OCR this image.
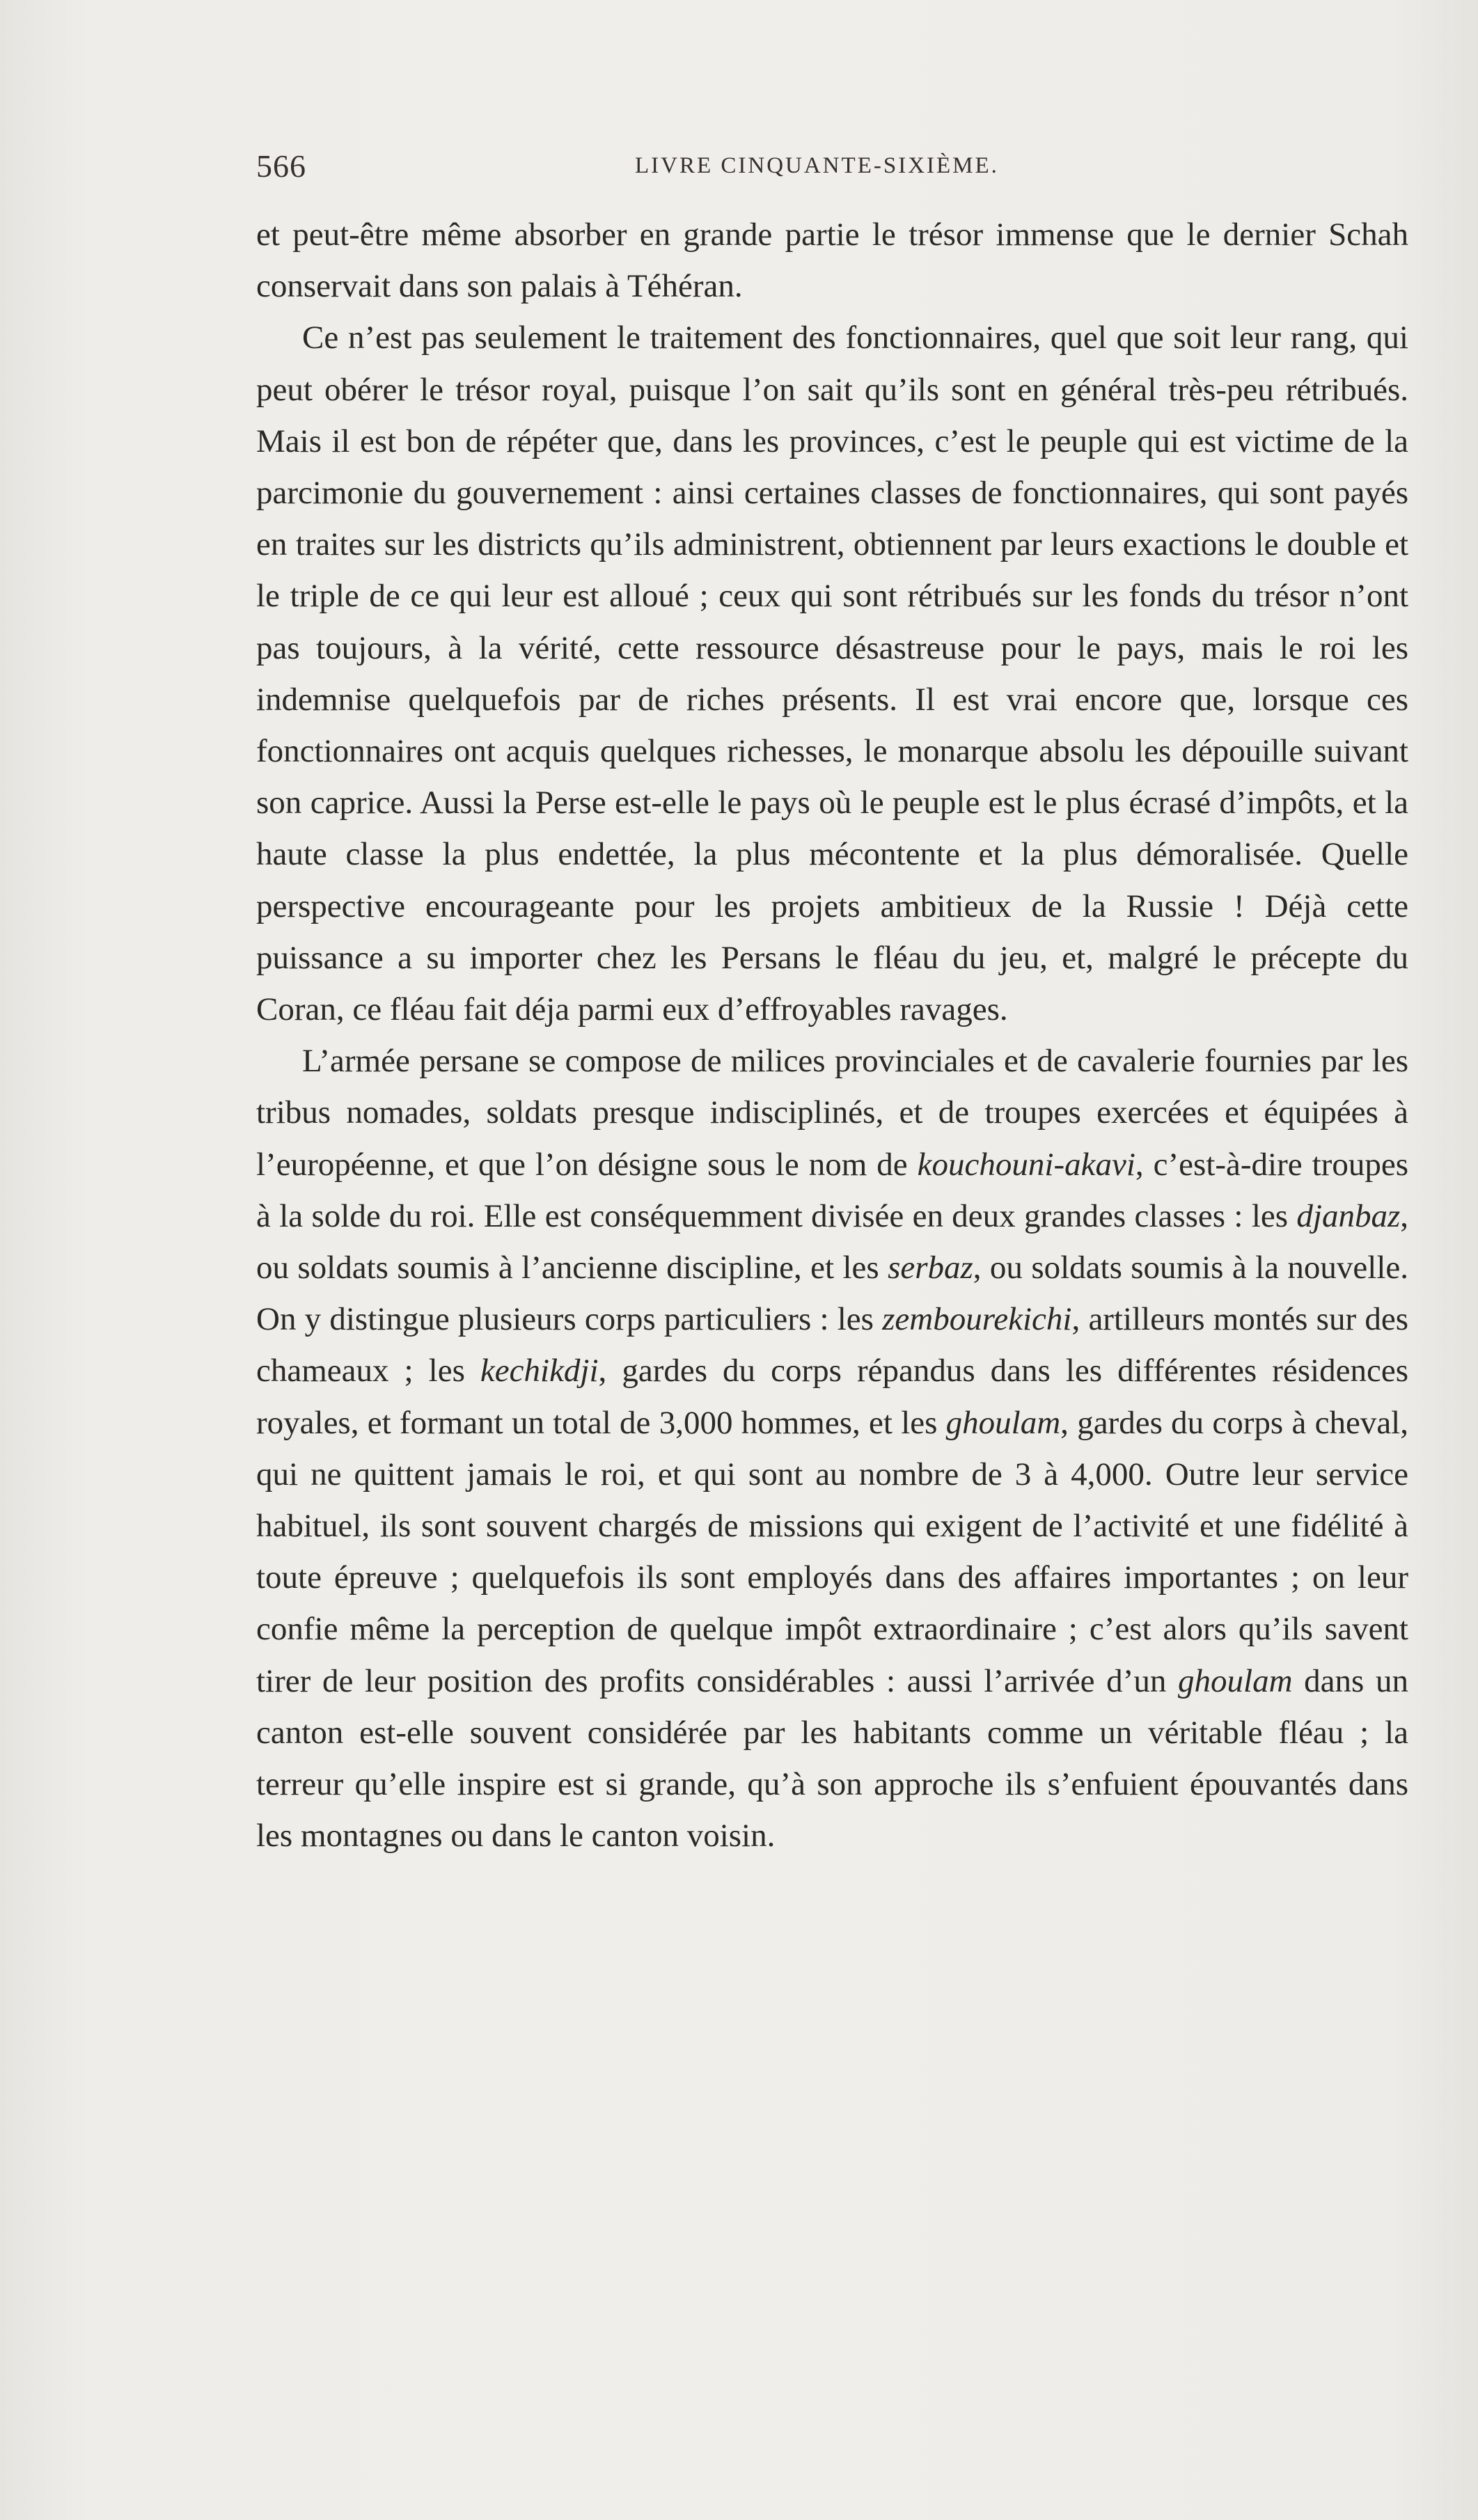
566	LIVRE CINQUANTE-SIXIÈME.

et peut-être même absorber en grande partie le trésor immense que le dernier Schah conservait dans son palais à Téhéran.

Ce n’est pas seulement le traitement des fonctionnaires, quel que soit leur rang, qui peut obérer le trésor royal, puisque l’on sait qu’ils sont en général très-peu rétribués. Mais il est bon de répéter que, dans les provinces, c’est le peuple qui est victime de la parcimonie du gouvernement : ainsi certaines classes de fonctionnaires, qui sont payés en traites sur les districts qu’ils administrent, obtiennent par leurs exactions le double et le triple de ce qui leur est alloué ; ceux qui sont rétribués sur les fonds du trésor n’ont pas toujours, à la vérité, cette ressource désastreuse pour le pays, mais le roi les indemnise quelquefois par de riches présents. Il est vrai encore que, lorsque ces fonctionnaires ont acquis quelques richesses, le monarque absolu les dépouille suivant son caprice. Aussi la Perse est-elle le pays où le peuple est le plus écrasé d’impôts, et la haute classe la plus endettée, la plus mécontente et la plus démoralisée. Quelle perspective encourageante pour les projets ambitieux de la Russie ! Déjà cette puissance a su importer chez les Persans le fléau du jeu, et, malgré le précepte du Coran, ce fléau fait déja parmi eux d’effroyables ravages.

L’armée persane se compose de milices provinciales et de cavalerie fournies par les tribus nomades, soldats presque indisciplinés, et de troupes exercées et équipées à l’européenne, et que l’on désigne sous le nom de kouchouni-akavi, c’est-à-dire troupes à la solde du roi. Elle est conséquemment divisée en deux grandes classes : les djanbaz, ou soldats soumis à l’ancienne discipline, et les serbaz, ou soldats soumis à la nouvelle. On y distingue plusieurs corps particuliers : les zembourekichi, artilleurs montés sur des chameaux ; les kechikdji, gardes du corps répandus dans les différentes résidences royales, et formant un total de 3,000 hommes, et les ghoulam, gardes du corps à cheval, qui ne quittent jamais le roi, et qui sont au nombre de 3 à 4,000. Outre leur service habituel, ils sont souvent chargés de missions qui exigent de l’activité et une fidélité à toute épreuve ; quelquefois ils sont employés dans des affaires importantes ; on leur confie même la perception de quelque impôt extraordinaire ; c’est alors qu’ils savent tirer de leur position des profits considérables : aussi l’arrivée d’un ghoulam dans un canton est-elle souvent considérée par les habitants comme un véritable fléau ; la terreur qu’elle inspire est si grande, qu’à son approche ils s’enfuient épouvantés dans les montagnes ou dans le canton voisin.
